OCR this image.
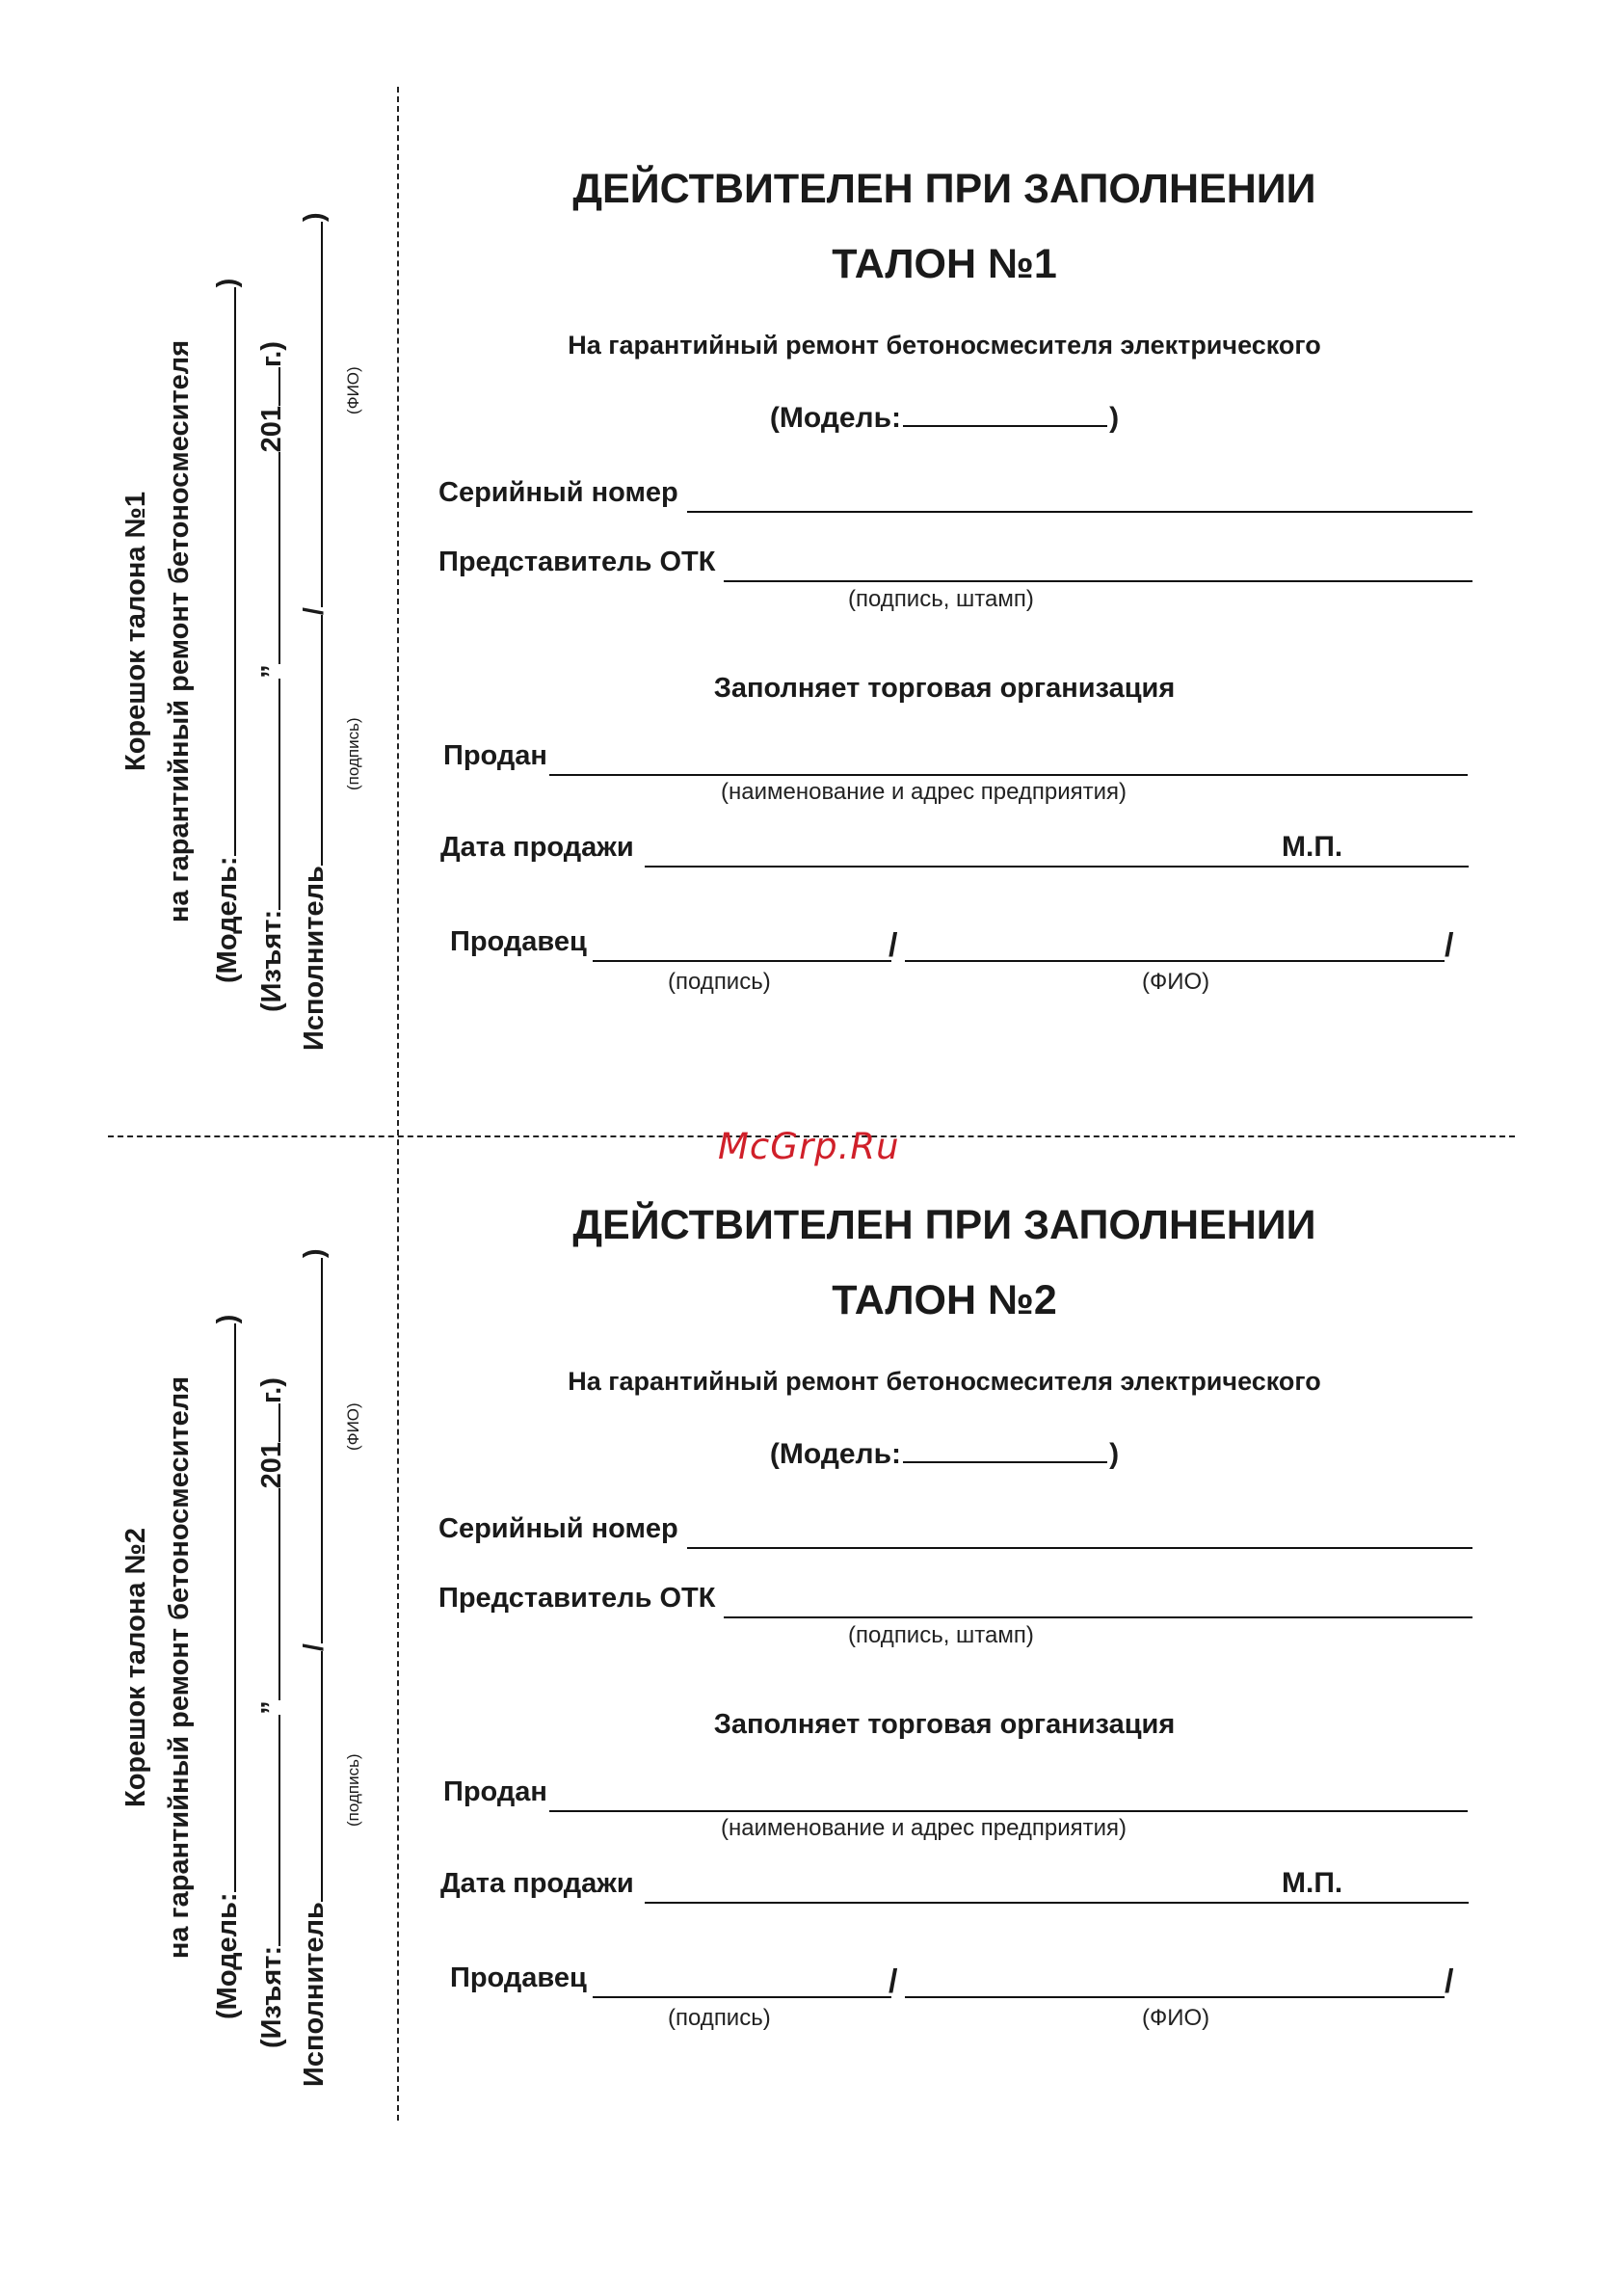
McGrp.Ru
Корешок талона №1 на гарантийный ремонт бетоносмесителя (Модель:)
(Изъят:”201г.)
Исполнитель/)
(подпись)
(ФИО)
ДЕЙСТВИТЕЛЕН ПРИ ЗАПОЛНЕНИИ
ТАЛОН №1
На гарантийный ремонт бетоносмесителя электрического
(Модель:	)
Серийный номер
Представитель ОТК
(подпись, штамп)
Заполняет торговая организация
Продан
(наименование и адрес предприятия)
Дата продажи	М.П.
Продавец	/	/
(подпись)	(ФИО)
Корешок талона №2 на гарантийный ремонт бетоносмесителя (Модель:)
(Изъят:”201г.)
Исполнитель/)
(подпись)
(ФИО)
ДЕЙСТВИТЕЛЕН ПРИ ЗАПОЛНЕНИИ
ТАЛОН №2
На гарантийный ремонт бетоносмесителя электрического
(Модель:	)
Серийный номер
Представитель ОТК
(подпись, штамп)
Заполняет торговая организация
Продан
(наименование и адрес предприятия)
Дата продажи	М.П.
Продавец	/	/
(подпись)	(ФИО)
